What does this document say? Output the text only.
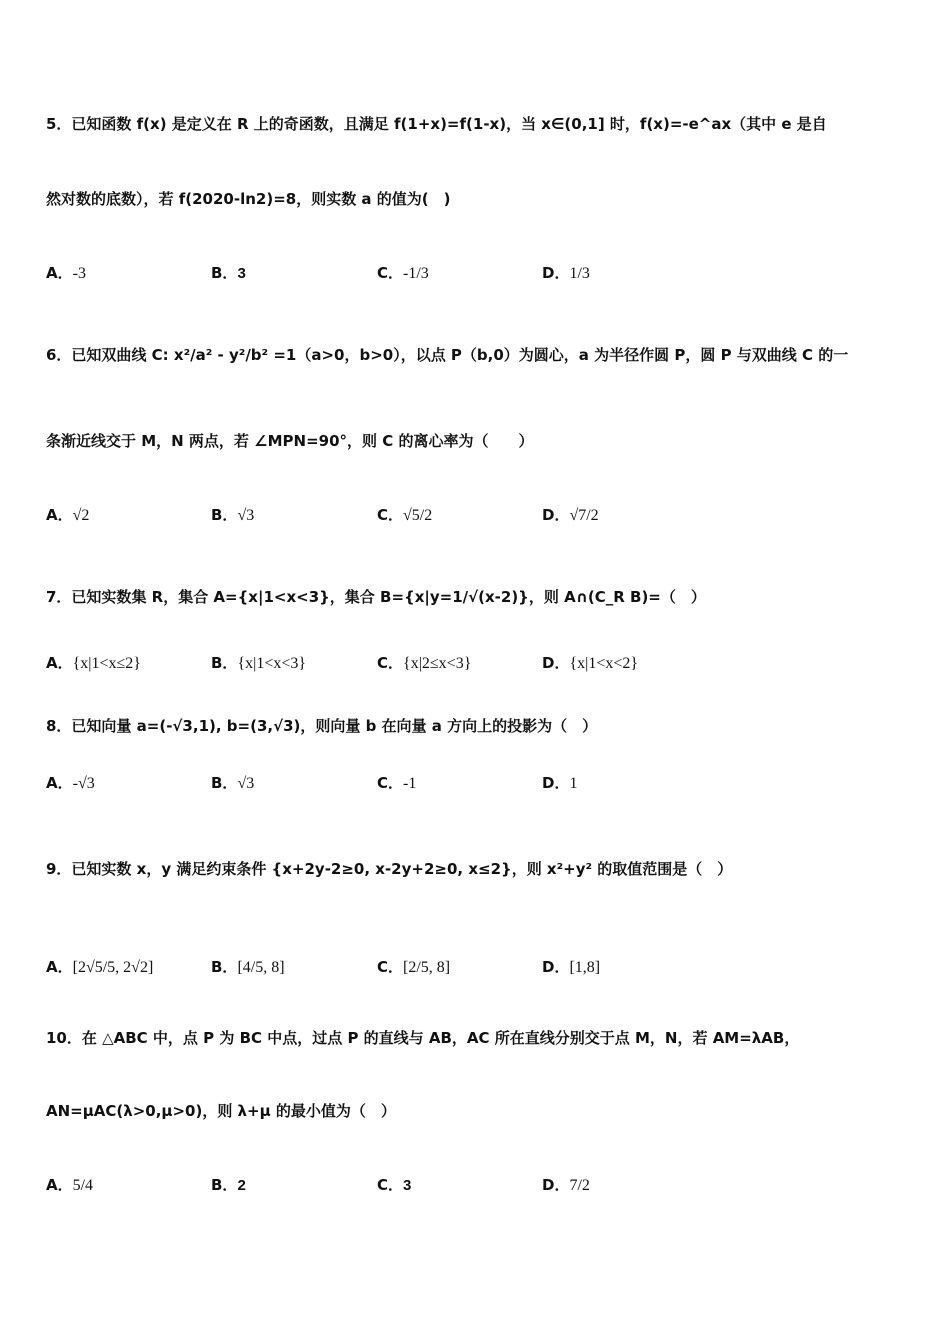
5．已知函数 f(x) 是定义在 R 上的奇函数，且满足 f(1+x)=f(1-x)，当 x∈(0,1] 时，f(x)=-e^ax（其中 e 是自
然对数的底数），若 f(2020-ln2)=8，则实数 a 的值为(　)
A．-3	B．3	C．-1/3	D．1/3
6．已知双曲线 C: x²/a² - y²/b² =1（a>0，b>0），以点 P（b,0）为圆心，a 为半径作圆 P，圆 P 与双曲线 C 的一
条渐近线交于 M，N 两点，若 ∠MPN=90°，则 C 的离心率为（　　）
A．√2	B．√3	C．√5/2	D．√7/2
7．已知实数集 R，集合 A={x|1<x<3}，集合 B={x|y=1/√(x-2)}，则 A∩(C_R B)=（　）
A．{x|1<x≤2}	B．{x|1<x<3}	C．{x|2≤x<3}	D．{x|1<x<2}
8．已知向量 a=(-√3,1), b=(3,√3)，则向量 b 在向量 a 方向上的投影为（　）
A．-√3	B．√3	C．-1	D．1
9．已知实数 x，y 满足约束条件 {x+2y-2≥0, x-2y+2≥0, x≤2}，则 x²+y² 的取值范围是（　）
A．[2√5/5, 2√2]	B．[4/5, 8]	C．[2/5, 8]	D．[1,8]
10．在 △ABC 中，点 P 为 BC 中点，过点 P 的直线与 AB，AC 所在直线分别交于点 M，N，若 AM=λAB，
AN=μAC(λ>0,μ>0)，则 λ+μ 的最小值为（　）
A．5/4	B．2	C．3	D．7/2
